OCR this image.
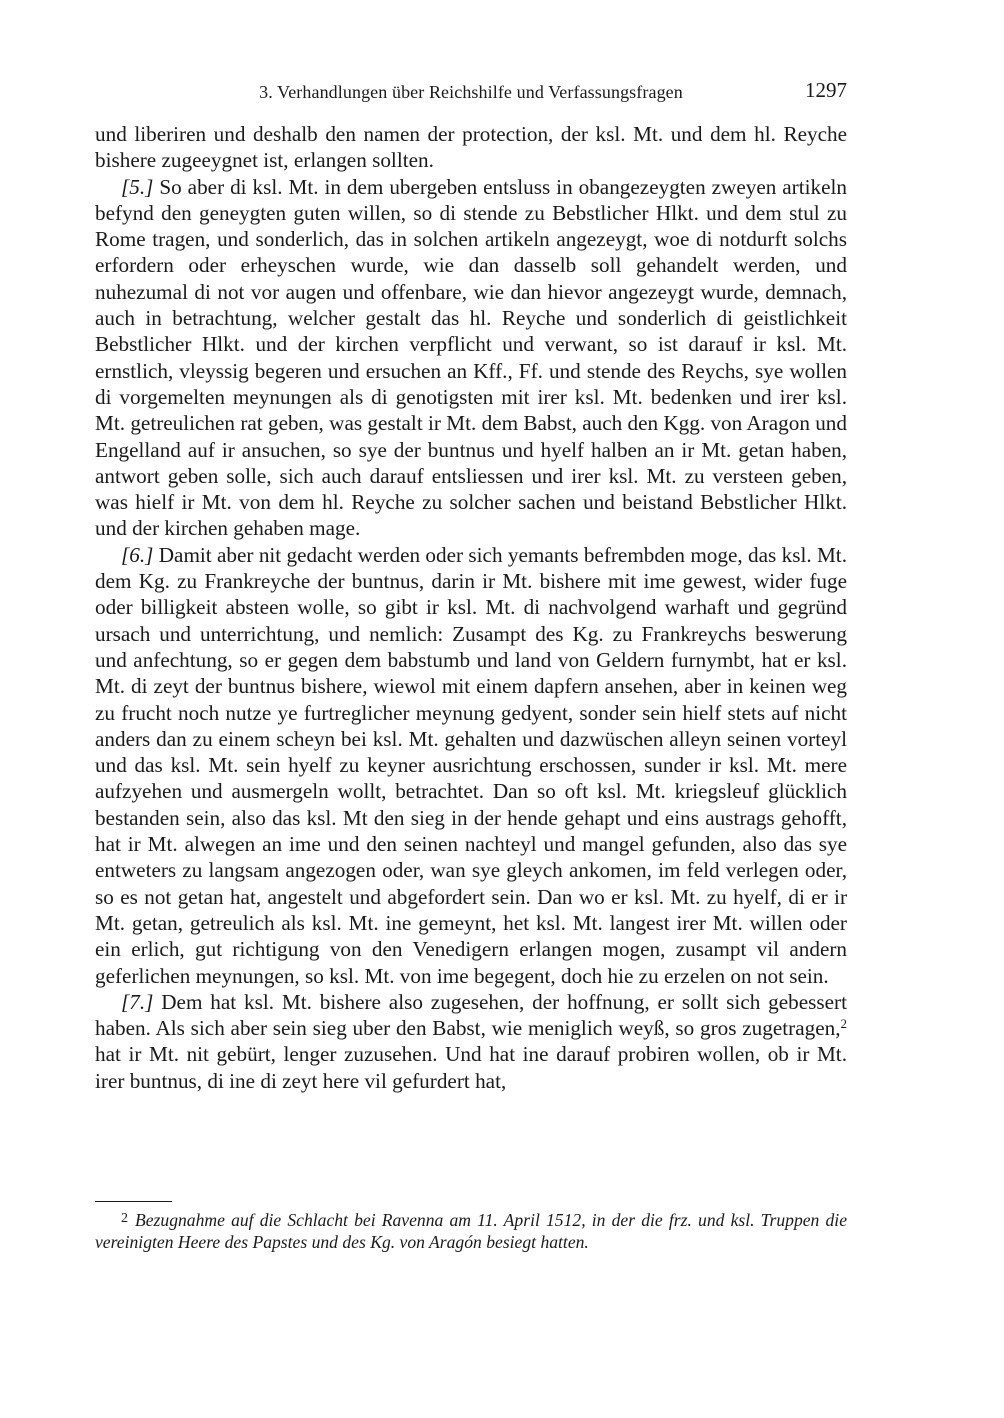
3. Verhandlungen über Reichshilfe und Verfassungsfragen	1297

und liberiren und deshalb den namen der protection, der ksl. Mt. und dem hl. Reyche bishere zugeeygnet ist, erlangen sollten.

[5.] So aber di ksl. Mt. in dem ubergeben entsluss in obangezeygten zweyen artikeln befynd den geneygten guten willen, so di stende zu Bebstlicher Hlkt. und dem stul zu Rome tragen, und sonderlich, das in solchen artikeln angezeygt, woe di notdurft solchs erfordern oder erheyschen wurde, wie dan dasselb soll gehandelt werden, und nuhezumal di not vor augen und offenbare, wie dan hievor angezeygt wurde, demnach, auch in betrachtung, welcher gestalt das hl. Reyche und sonderlich di geistlichkeit Bebstlicher Hlkt. und der kirchen verpflicht und verwant, so ist darauf ir ksl. Mt. ernstlich, vleyssig begeren und ersuchen an Kff., Ff. und stende des Reychs, sye wollen di vorgemelten meynungen als di genotigsten mit irer ksl. Mt. bedenken und irer ksl. Mt. getreulichen rat geben, was gestalt ir Mt. dem Babst, auch den Kgg. von Aragon und Engelland auf ir ansuchen, so sye der buntnus und hyelf halben an ir Mt. getan haben, antwort geben solle, sich auch darauf entsliessen und irer ksl. Mt. zu versteen geben, was hielf ir Mt. von dem hl. Reyche zu solcher sachen und beistand Bebstlicher Hlkt. und der kirchen gehaben mage.

[6.] Damit aber nit gedacht werden oder sich yemants befrembden moge, das ksl. Mt. dem Kg. zu Frankreyche der buntnus, darin ir Mt. bishere mit ime gewest, wider fuge oder billigkeit absteen wolle, so gibt ir ksl. Mt. di nachvolgend warhaft und gegründ ursach und unterrichtung, und nemlich: Zusampt des Kg. zu Frankreychs beswerung und anfechtung, so er gegen dem babstumb und land von Geldern furnymbt, hat er ksl. Mt. di zeyt der buntnus bishere, wiewol mit einem dapfern ansehen, aber in keinen weg zu frucht noch nutze ye furtreglicher meynung gedyent, sonder sein hielf stets auf nicht anders dan zu einem scheyn bei ksl. Mt. gehalten und dazwüschen alleyn seinen vorteyl und das ksl. Mt. sein hyelf zu keyner ausrichtung erschossen, sunder ir ksl. Mt. mere aufzyehen und ausmergeln wollt, betrachtet. Dan so oft ksl. Mt. kriegsleuf glücklich bestanden sein, also das ksl. Mt den sieg in der hende gehapt und eins austrags gehofft, hat ir Mt. alwegen an ime und den seinen nachteyl und mangel gefunden, also das sye entweters zu langsam angezogen oder, wan sye gleych ankomen, im feld verlegen oder, so es not getan hat, angestelt und abgefordert sein. Dan wo er ksl. Mt. zu hyelf, di er ir Mt. getan, getreulich als ksl. Mt. ine gemeynt, het ksl. Mt. langest irer Mt. willen oder ein erlich, gut richtigung von den Venedigern erlangen mogen, zusampt vil andern geferlichen meynungen, so ksl. Mt. von ime begegent, doch hie zu erzelen on not sein.

[7.] Dem hat ksl. Mt. bishere also zugesehen, der hoffnung, er sollt sich gebessert haben. Als sich aber sein sieg uber den Babst, wie meniglich weyß, so gros zugetragen,$^2$ hat ir Mt. nit gebürt, lenger zuzusehen. Und hat ine darauf probiren wollen, ob ir Mt. irer buntnus, di ine di zeyt here vil gefurdert hat,

$^2$ Bezugnahme auf die Schlacht bei Ravenna am 11. April 1512, in der die frz. und ksl. Truppen die vereinigten Heere des Papstes und des Kg. von Aragón besiegt hatten.
